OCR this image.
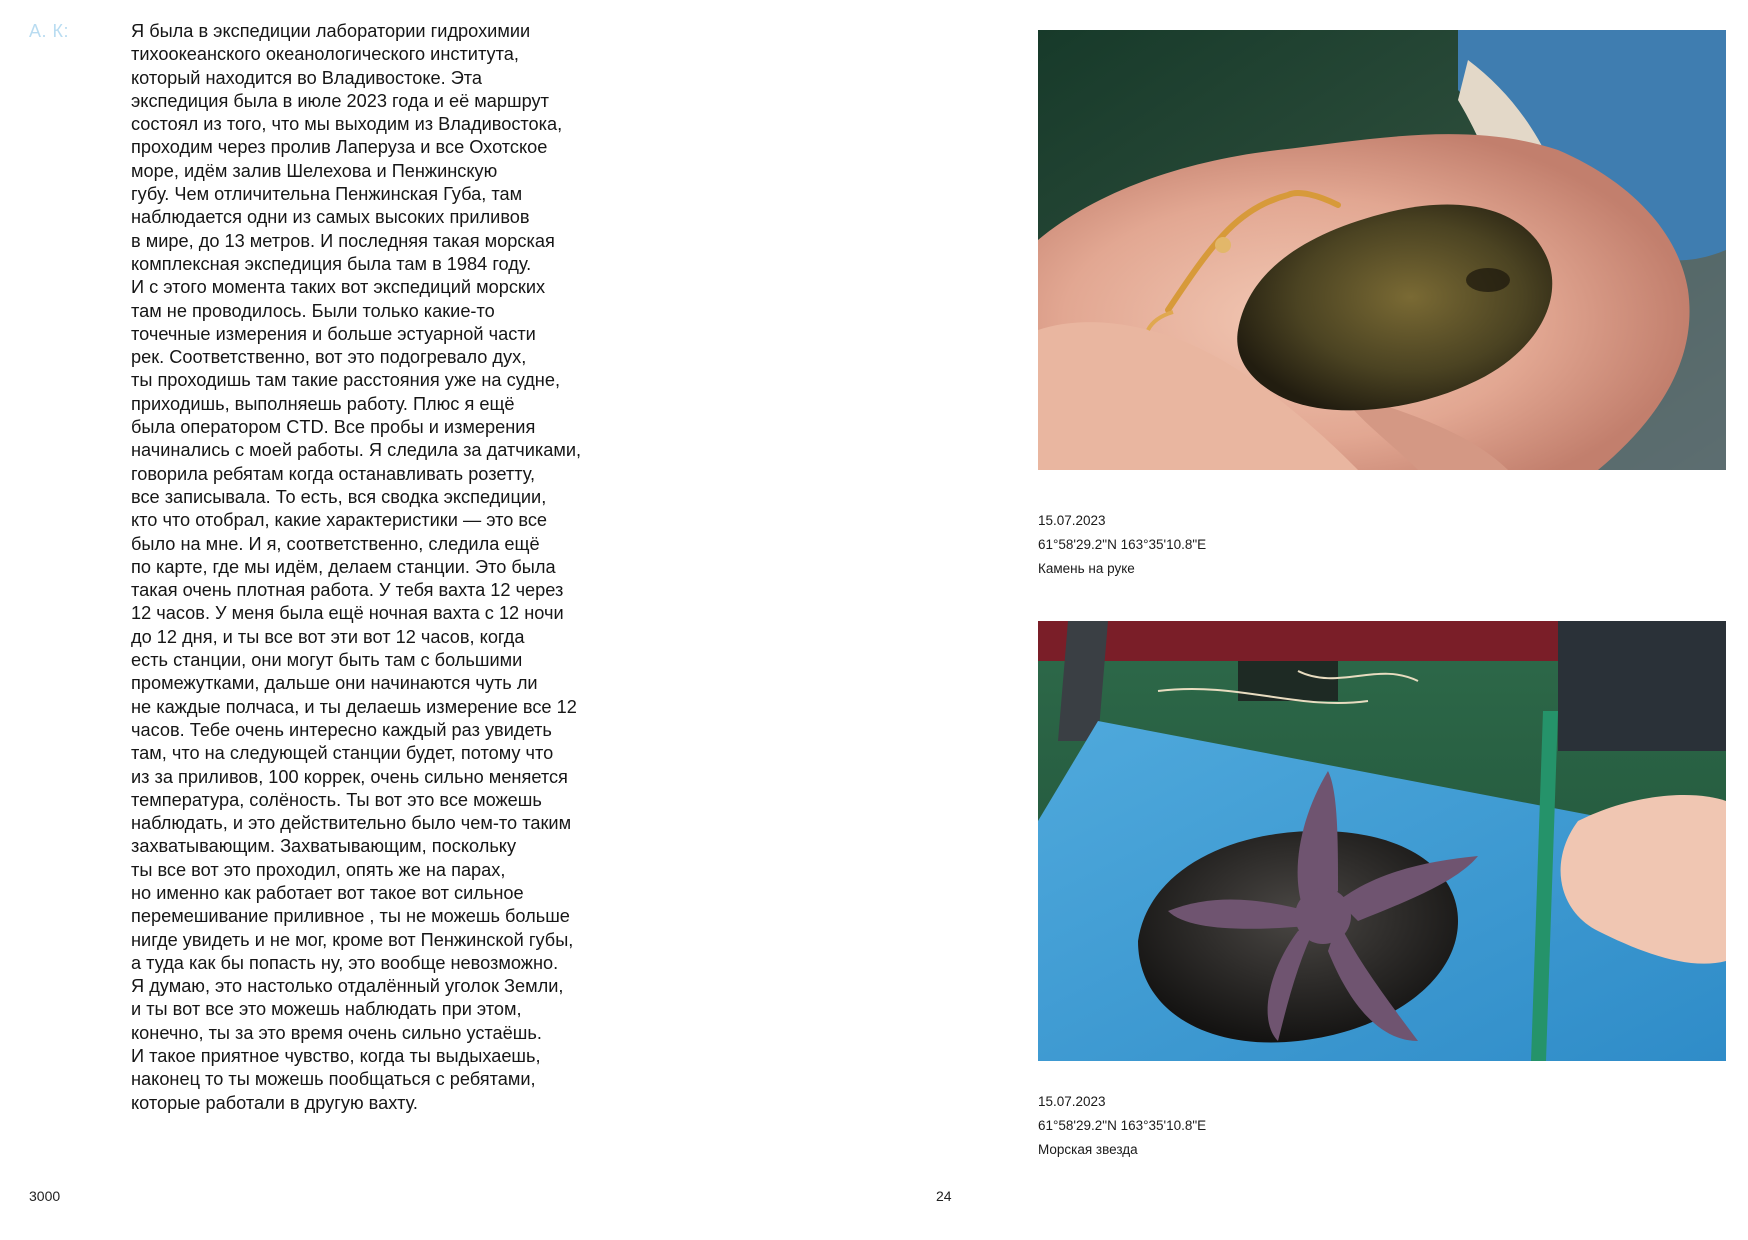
А. К:	Я была в экспедиции лаборатории гидрохимии
тихоокеанского океанологического института,
который находится во Владивостоке. Эта
экспедиция была в июле 2023 года и её маршрут
состоял из того, что мы выходим из Владивостока,
проходим через пролив Лаперуза и все Охотское
море, идём залив Шелехова и Пенжинскую
губу. Чем отличительна Пенжинская Губа, там
наблюдается одни из самых высоких приливов
в мире, до 13 метров. И последняя такая морская
комплексная экспедиция была там в 1984 году.
И с этого момента таких вот экспедиций морских
там не проводилось. Были только какие-то
точечные измерения и больше эстуарной части
рек. Соответственно, вот это подогревало дух,
ты проходишь там такие расстояния уже на судне,
приходишь, выполняешь работу. Плюс я ещё
была оператором CTD. Все пробы и измерения
начинались с моей работы. Я следила за датчиками,
говорила ребятам когда останавливать розетту,
все записывала. То есть, вся сводка экспедиции,
кто что отобрал, какие характеристики — это все
было на мне. И я, соответственно, следила ещё
по карте, где мы идём, делаем станции. Это была
такая очень плотная работа. У тебя вахта 12 через
12 часов. У меня была ещё ночная вахта с 12 ночи
до 12 дня, и ты все вот эти вот 12 часов, когда
есть станции, они могут быть там с большими
промежутками, дальше они начинаются чуть ли
не каждые полчаса, и ты делаешь измерение все 12
часов. Тебе очень интересно каждый раз увидеть
там, что на следующей станции будет, потому что
из за приливов, 100 коррек, очень сильно меняется
температура, солёность. Ты вот это все можешь
наблюдать, и это действительно было чем-то таким
захватывающим. Захватывающим, поскольку
ты все вот это проходил, опять же на парах,
но именно как работает вот такое вот сильное
перемешивание приливное , ты не можешь больше
нигде увидеть и не мог, кроме вот Пенжинской губы,
а туда как бы попасть ну, это вообще невозможно.
Я думаю, это настолько отдалённый уголок Земли,
и ты вот все это можешь наблюдать при этом,
конечно, ты за это время очень сильно устаёшь.
И такое приятное чувство, когда ты выдыхаешь,
наконец то ты можешь пообщаться с ребятами,
которые работали в другую вахту.
3000	24
15.07.2023
61°58'29.2"N 163°35'10.8"E
Камень на руке
15.07.2023
61°58'29.2"N 163°35'10.8"E
Морская звезда
